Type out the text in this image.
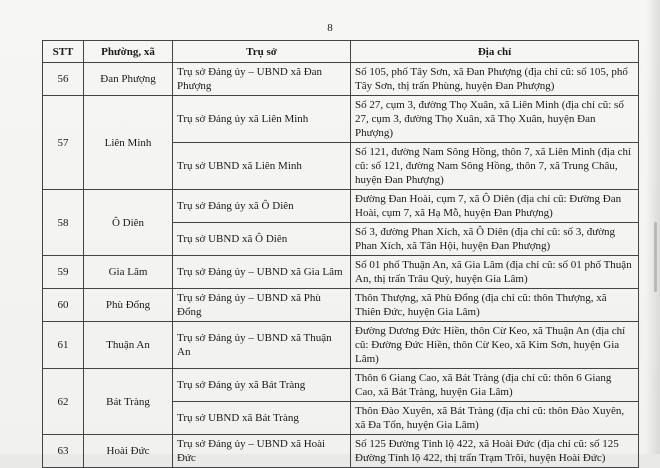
8
STT	Phường, xã	Trụ sở	Địa chỉ
56	Đan Phượng	Trụ sở Đảng ủy – UBND xã Đan Phượng	Số 105, phố Tây Sơn, xã Đan Phượng (địa chỉ cũ: số 105, phố Tây Sơn, thị trấn Phùng, huyện Đan Phượng)
57	Liên Minh	Trụ sở Đảng ủy xã Liên Minh	Số 27, cụm 3, đường Thọ Xuân, xã Liên Minh (địa chỉ cũ: số 27, cụm 3, đường Thọ Xuân, xã Thọ Xuân, huyện Đan Phượng)
		Trụ sở UBND xã Liên Minh	Số 121, đường Nam Sông Hồng, thôn 7, xã Liên Minh (địa chỉ cũ: số 121, đường Nam Sông Hồng, thôn 7, xã Trung Châu, huyện Đan Phượng)
58	Ô Diên	Trụ sở Đảng ủy xã Ô Diên	Đường Đan Hoài, cụm 7, xã Ô Diên (địa chỉ cũ: Đường Đan Hoài, cụm 7, xã Hạ Mỗ, huyện Đan Phượng)
		Trụ sở UBND xã Ô Diên	Số 3, đường Phan Xích, xã Ô Diên (địa chỉ cũ: số 3, đường Phan Xích, xã Tân Hội, huyện Đan Phượng)
59	Gia Lâm	Trụ sở Đảng ủy – UBND xã Gia Lâm	Số 01 phố Thuận An, xã Gia Lâm (địa chỉ cũ: số 01 phố Thuận An, thị trấn Trâu Quỳ, huyện Gia Lâm)
60	Phù Đổng	Trụ sở Đảng ủy – UBND xã Phù Đổng	Thôn Thượng, xã Phù Đổng (địa chỉ cũ: thôn Thượng, xã Thiên Đức, huyện Gia Lâm)
61	Thuận An	Trụ sở Đảng ủy – UBND xã Thuận An	Đường Dương Đức Hiền, thôn Cừ Keo, xã Thuận An (địa chỉ cũ: Đường Đức Hiền, thôn Cừ Keo, xã Kim Sơn, huyện Gia Lâm)
62	Bát Tràng	Trụ sở Đảng ủy xã Bát Tràng	Thôn 6 Giang Cao, xã Bát Tràng (địa chỉ cũ: thôn 6 Giang Cao, xã Bát Tràng, huyện Gia Lâm)
		Trụ sở UBND xã Bát Tràng	Thôn Đào Xuyên, xã Bát Tràng (địa chỉ cũ: thôn Đào Xuyên, xã Đa Tốn, huyện Gia Lâm)
63	Hoài Đức	Trụ sở Đảng ủy – UBND xã Hoài Đức	Số 125 Đường Tỉnh lộ 422, xã Hoài Đức (địa chỉ cũ: số 125 Đường Tỉnh lộ 422, thị trấn Trạm Trôi, huyện Hoài Đức)
